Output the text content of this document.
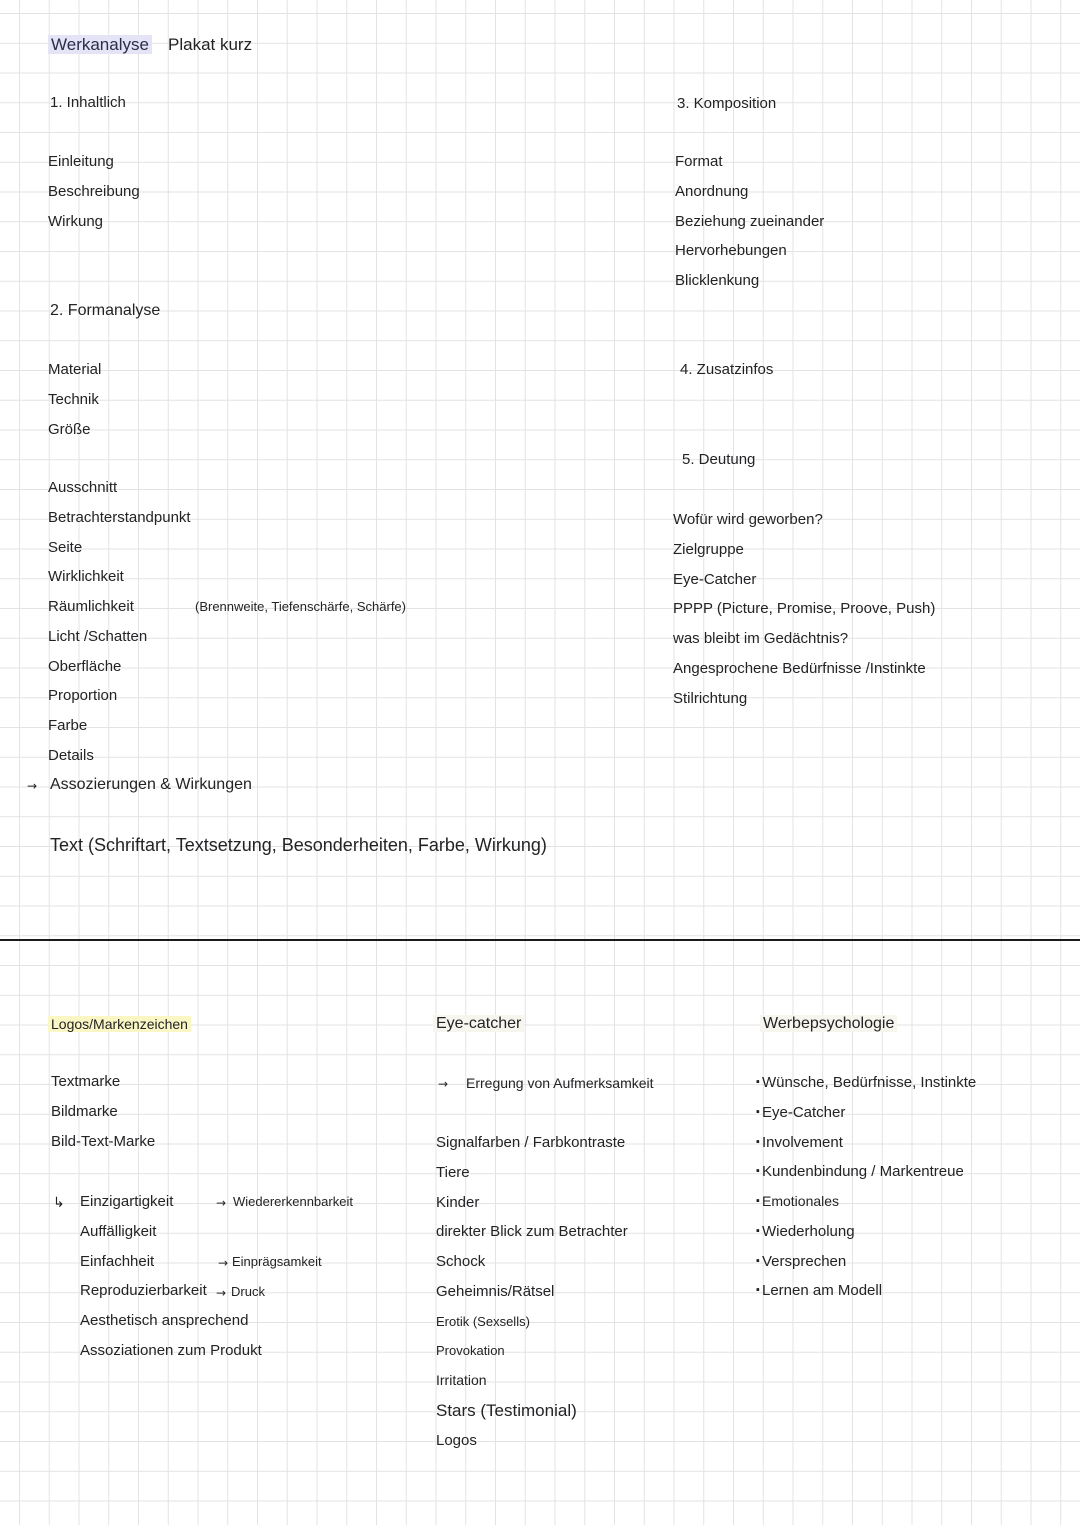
Werkanalyse Plakat kurz
1. Inhaltlich
Einleitung
Beschreibung
Wirkung
2. Formanalyse
Material
Technik
Größe
Ausschnitt
Betrachterstandpunkt
Seite
Wirklichkeit
Räumlichkeit
Licht /Schatten
Oberfläche
Proportion
Farbe
Details
(Brennweite, Tiefenschärfe, Schärfe)
→
Assozierungen & Wirkungen
Text (Schriftart, Textsetzung, Besonderheiten, Farbe, Wirkung)
3. Komposition
Format
Anordnung
Beziehung zueinander
Hervorhebungen
Blicklenkung
4. Zusatzinfos
5. Deutung
Wofür wird geworben?
Zielgruppe
Eye-Catcher
PPPP (Picture, Promise, Proove, Push)
was bleibt im Gedächtnis?
Angesprochene Bedürfnisse /Instinkte
Stilrichtung
Logos/Markenzeichen
Textmarke
Bildmarke
Bild-Text-Marke
↳
Einzigartigkeit
Auffälligkeit
Einfachheit
Reproduzierbarkeit
Aesthetisch ansprechend
Assoziationen zum Produkt
→
Wiedererkennbarkeit
→
Einprägsamkeit
→
Druck
Eye-catcher
→
Erregung von Aufmerksamkeit
Signalfarben / Farbkontraste
Tiere
Kinder
direkter Blick zum Betrachter
Schock
Geheimnis/Rätsel
Erotik (Sexsells)
Provokation
Irritation
Stars (Testimonial)
Logos
Werbepsychologie
·Wünsche, Bedürfnisse, Instinkte
·Eye-Catcher
·Involvement
·Kundenbindung / Markentreue
·Emotionales
·Wiederholung
·Versprechen
·Lernen am Modell
